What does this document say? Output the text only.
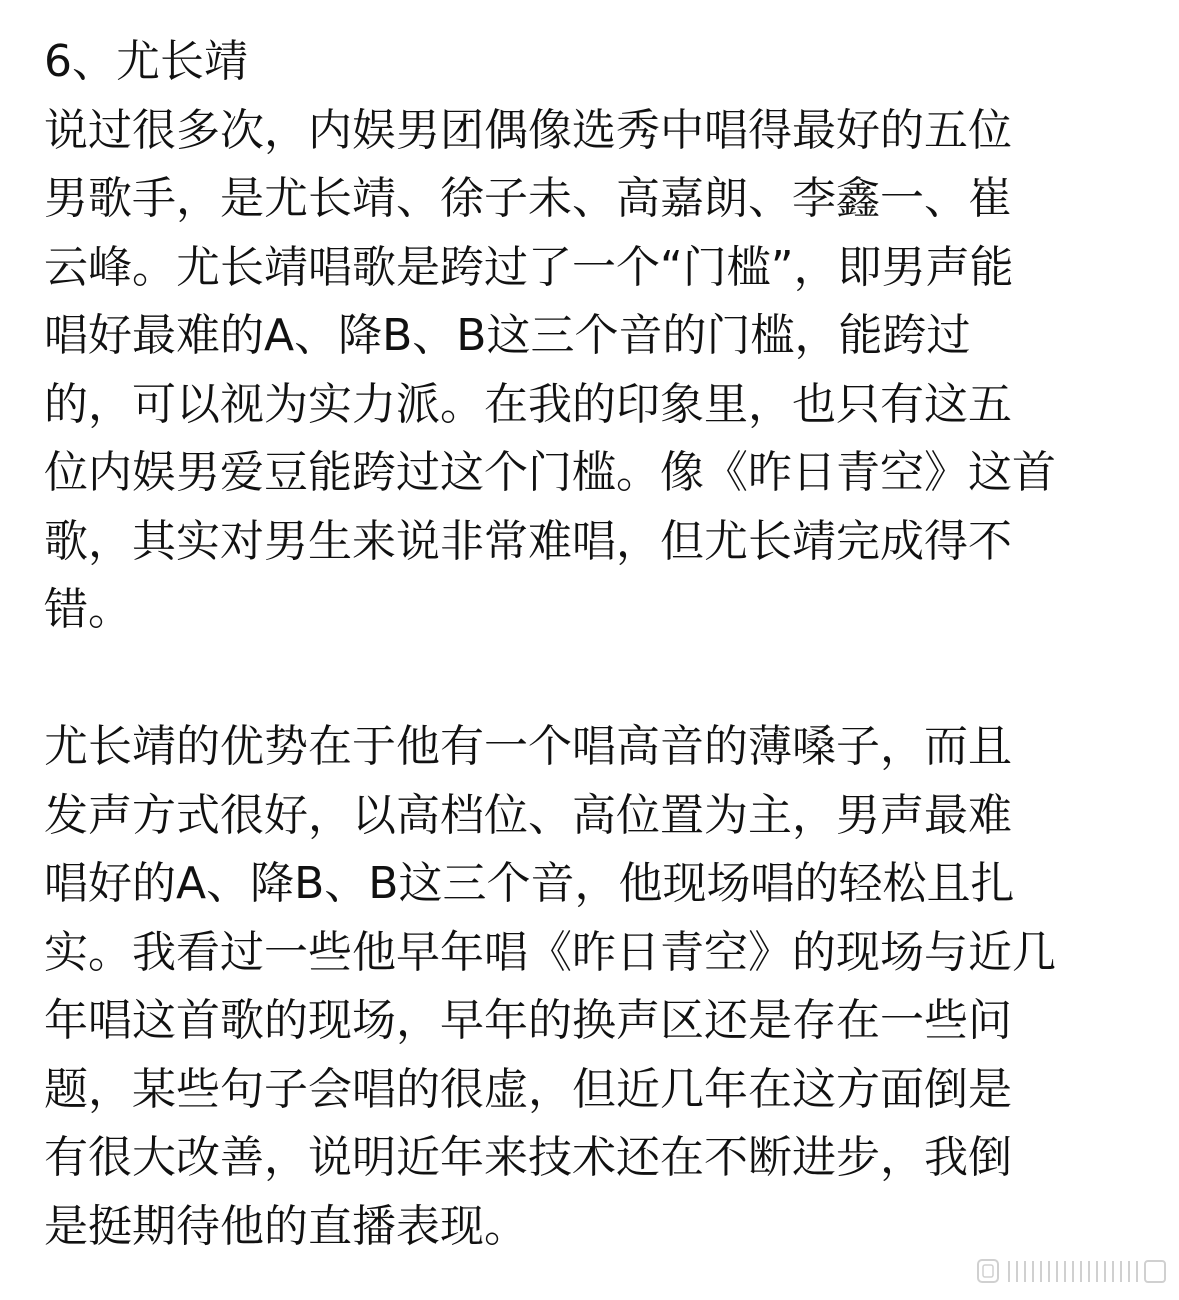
6、尤长靖
说过很多次，内娱男团偶像选秀中唱得最好的五位
男歌手，是尤长靖、徐子未、高嘉朗、李鑫一、崔
云峰。尤长靖唱歌是跨过了一个“门槛”，即男声能
唱好最难的A、降B、B这三个音的门槛，能跨过
的，可以视为实力派。在我的印象里，也只有这五
位内娱男爱豆能跨过这个门槛。像《昨日青空》这首
歌，其实对男生来说非常难唱，但尤长靖完成得不
错。
尤长靖的优势在于他有一个唱高音的薄嗓子，而且
发声方式很好，以高档位、高位置为主，男声最难
唱好的A、降B、B这三个音，他现场唱的轻松且扎
实。我看过一些他早年唱《昨日青空》的现场与近几
年唱这首歌的现场，早年的换声区还是存在一些问
题，某些句子会唱的很虚，但近几年在这方面倒是
有很大改善，说明近年来技术还在不断进步，我倒
是挺期待他的直播表现。
